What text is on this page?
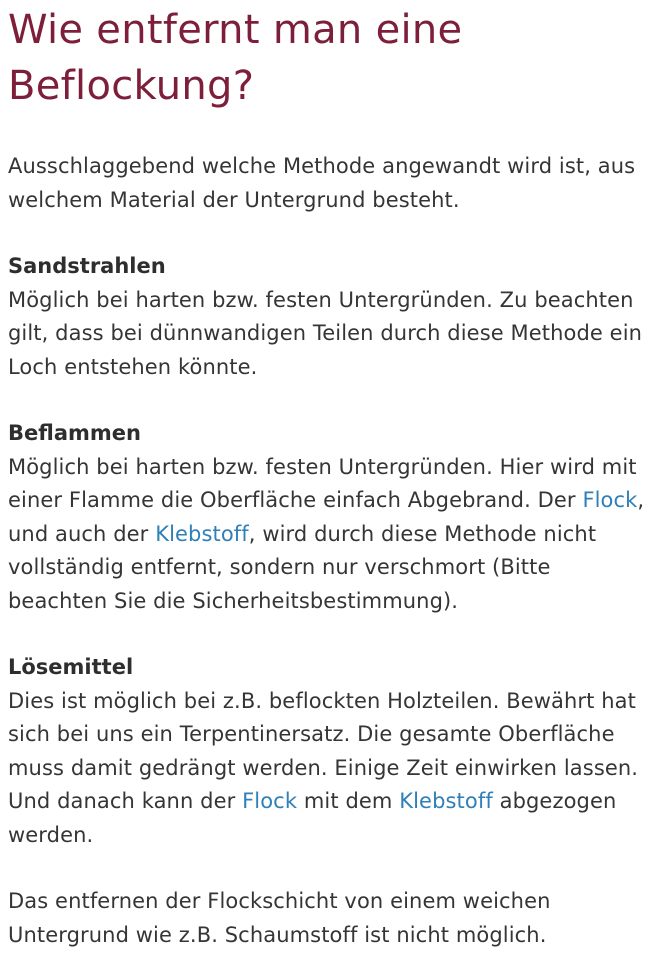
Wie entfernt man eine Beflockung?

Ausschlaggebend welche Methode angewandt wird ist, aus welchem Material der Untergrund besteht.

Sandstrahlen

Möglich bei harten bzw. festen Untergründen. Zu beachten gilt, dass bei dünnwandigen Teilen durch diese Methode ein Loch entstehen könnte.

Beflammen

Möglich bei harten bzw. festen Untergründen. Hier wird mit einer Flamme die Oberfläche einfach Abgebrand. Der Flock, und auch der Klebstoff, wird durch diese Methode nicht vollständig entfernt, sondern nur verschmort (Bitte beachten Sie die Sicherheitsbestimmung).

Lösemittel

Dies ist möglich bei z.B. beflockten Holzteilen. Bewährt hat sich bei uns ein Terpentinersatz. Die gesamte Oberfläche muss damit gedrängt werden. Einige Zeit einwirken lassen. Und danach kann der Flock mit dem Klebstoff abgezogen werden.

Das entfernen der Flockschicht von einem weichen Untergrund wie z.B. Schaumstoff ist nicht möglich.
